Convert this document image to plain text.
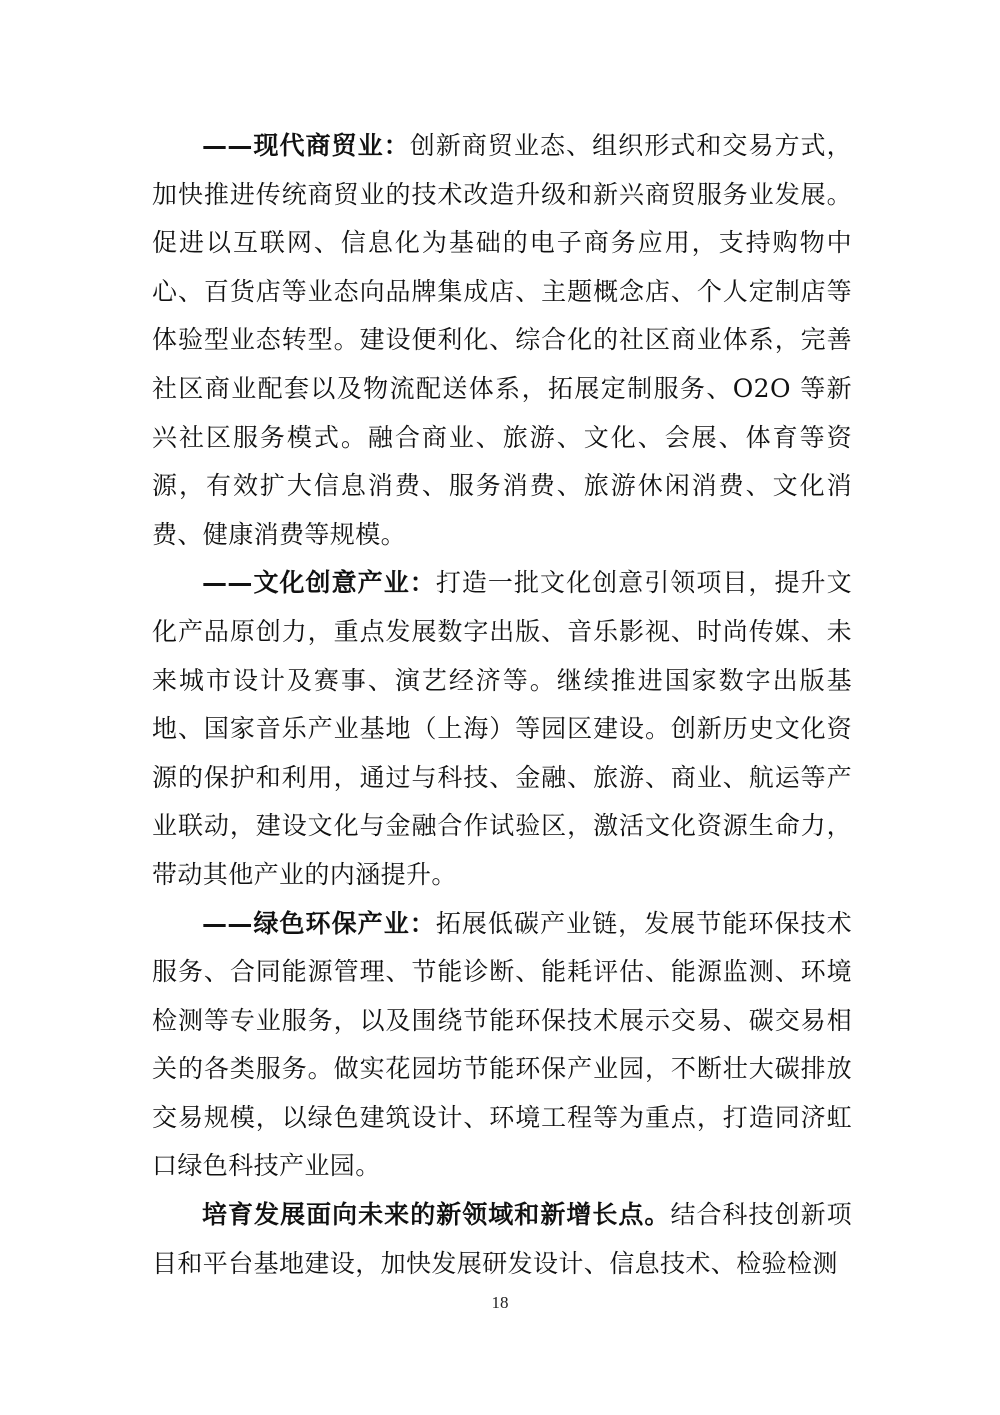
——现代商贸业：创新商贸业态、组织形式和交易方式，加快推进传统商贸业的技术改造升级和新兴商贸服务业发展。促进以互联网、信息化为基础的电子商务应用，支持购物中心、百货店等业态向品牌集成店、主题概念店、个人定制店等体验型业态转型。建设便利化、综合化的社区商业体系，完善社区商业配套以及物流配送体系，拓展定制服务、O2O 等新兴社区服务模式。融合商业、旅游、文化、会展、体育等资源，有效扩大信息消费、服务消费、旅游休闲消费、文化消费、健康消费等规模。

——文化创意产业：打造一批文化创意引领项目，提升文化产品原创力，重点发展数字出版、音乐影视、时尚传媒、未来城市设计及赛事、演艺经济等。继续推进国家数字出版基地、国家音乐产业基地（上海）等园区建设。创新历史文化资源的保护和利用，通过与科技、金融、旅游、商业、航运等产业联动，建设文化与金融合作试验区，激活文化资源生命力，带动其他产业的内涵提升。

——绿色环保产业：拓展低碳产业链，发展节能环保技术服务、合同能源管理、节能诊断、能耗评估、能源监测、环境检测等专业服务，以及围绕节能环保技术展示交易、碳交易相关的各类服务。做实花园坊节能环保产业园，不断壮大碳排放交易规模，以绿色建筑设计、环境工程等为重点，打造同济虹口绿色科技产业园。

培育发展面向未来的新领域和新增长点。结合科技创新项目和平台基地建设，加快发展研发设计、信息技术、检验检测

18
